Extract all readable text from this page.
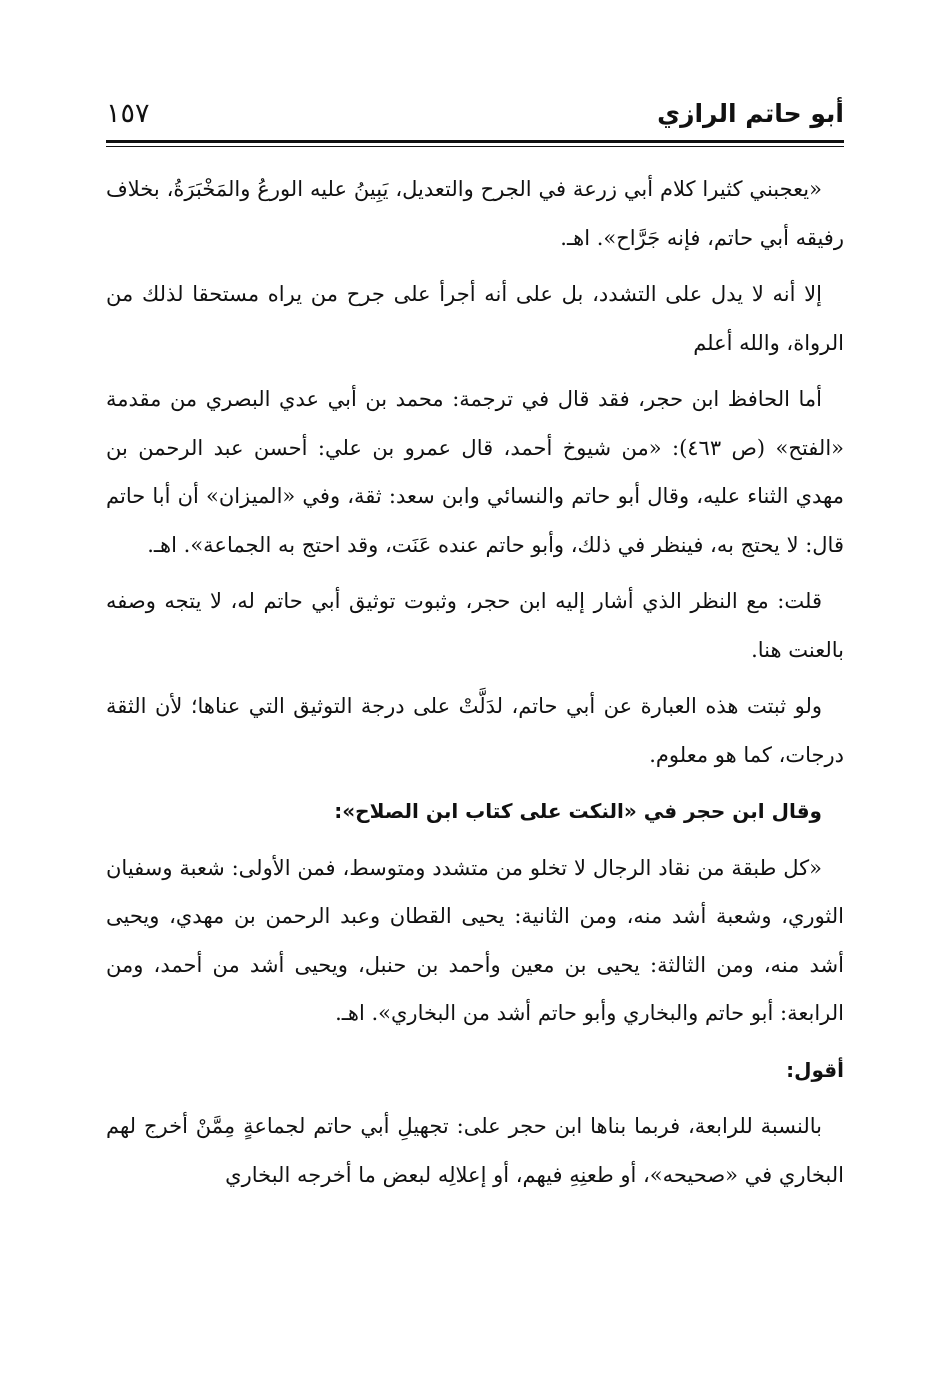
أبو حاتم الرازي
١٥٧

«يعجبني كثيرا كلام أبي زرعة في الجرح والتعديل، يَبِينُ عليه الورعُ والمَخْبَرَةُ، بخلاف رفيقه أبي حاتم، فإنه جَرَّاح». اهـ.

إلا أنه لا يدل على التشدد، بل على أنه أجرأ على جرح من يراه مستحقا لذلك من الرواة، والله أعلم

أما الحافظ ابن حجر، فقد قال في ترجمة: محمد بن أبي عدي البصري من مقدمة «الفتح» (ص ٤٦٣): «من شيوخ أحمد، قال عمرو بن علي: أحسن عبد الرحمن بن مهدي الثناء عليه، وقال أبو حاتم والنسائي وابن سعد: ثقة، وفي «الميزان» أن أبا حاتم قال: لا يحتج به، فينظر في ذلك، وأبو حاتم عنده عَنَت، وقد احتج به الجماعة». اهـ.

قلت: مع النظر الذي أشار إليه ابن حجر، وثبوت توثيق أبي حاتم له، لا يتجه وصفه بالعنت هنا.

ولو ثبتت هذه العبارة عن أبي حاتم، لدَلَّتْ على درجة التوثيق التي عناها؛ لأن الثقة درجات، كما هو معلوم.

وقال ابن حجر في «النكت على كتاب ابن الصلاح»:

«كل طبقة من نقاد الرجال لا تخلو من متشدد ومتوسط، فمن الأولى: شعبة وسفيان الثوري، وشعبة أشد منه، ومن الثانية: يحيى القطان وعبد الرحمن بن مهدي، ويحيى أشد منه، ومن الثالثة: يحيى بن معين وأحمد بن حنبل، ويحيى أشد من أحمد، ومن الرابعة: أبو حاتم والبخاري وأبو حاتم أشد من البخاري». اهـ.

أقول:

بالنسبة للرابعة، فربما بناها ابن حجر على: تجهيلِ أبي حاتم لجماعةٍ مِمَّنْ أخرج لهم البخاري في «صحيحه»، أو طعنِهِ فيهم، أو إعلالِه لبعض ما أخرجه البخاري
